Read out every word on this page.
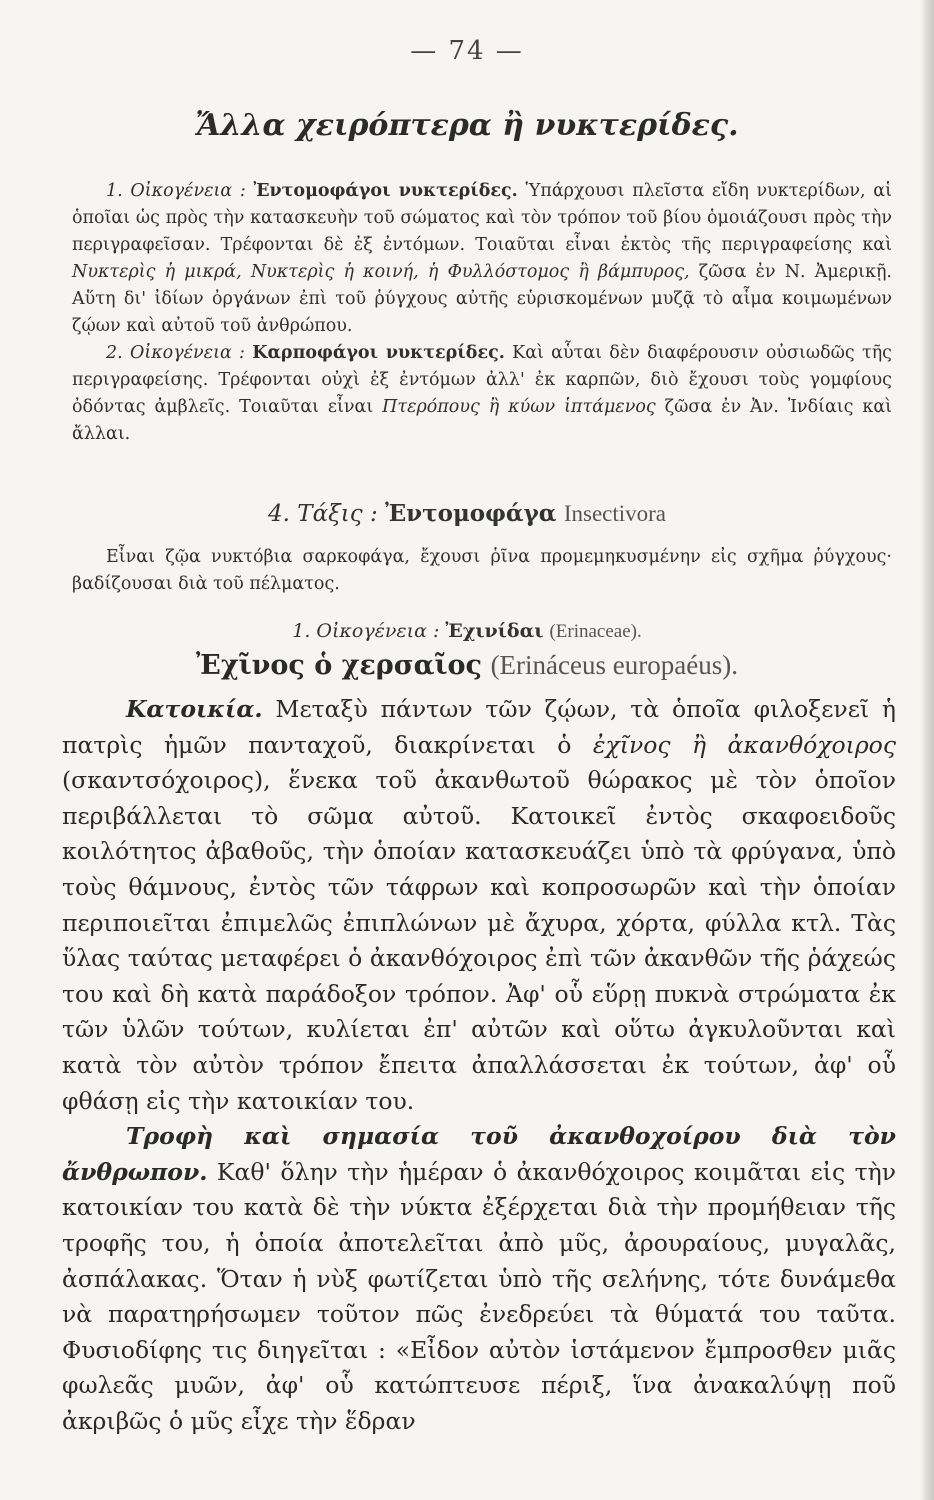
— 74 —
Ἄλλα χειρόπτερα ἢ νυκτερίδες.

1. Οἰκογένεια : Ἐντομοφάγοι νυκτερίδες. Ὑπάρχουσι πλεῖστα εἴδη νυκτερίδων, αἱ ὁποῖαι ὡς πρὸς τὴν κατασκευὴν τοῦ σώματος καὶ τὸν τρόπον τοῦ βίου ὁμοιάζουσι πρὸς τὴν περιγραφεῖσαν. Τρέφονται δὲ ἐξ ἐντόμων. Τοιαῦται εἶναι ἐκτὸς τῆς περιγραφείσης καὶ Νυκτερὶς ἡ μικρά, Νυκτερὶς ἡ κοινή, ἡ Φυλλόστομος ἢ βάμπυρος, ζῶσα ἐν Ν. Ἀμερικῇ. Αὕτη δι' ἰδίων ὀργάνων ἐπὶ τοῦ ῥύγχους αὐτῆς εὑρισκομένων μυζᾷ τὸ αἷμα κοιμωμένων ζῴων καὶ αὐτοῦ τοῦ ἀνθρώπου.

2. Οἰκογένεια : Καρποφάγοι νυκτερίδες. Καὶ αὗται δὲν διαφέρουσιν οὐσιωδῶς τῆς περιγραφείσης. Τρέφονται οὐχὶ ἐξ ἐντόμων ἀλλ' ἐκ καρπῶν, διὸ ἔχουσι τοὺς γομφίους ὀδόντας ἀμβλεῖς. Τοιαῦται εἶναι Πτερόπους ἢ κύων ἱπτάμενος ζῶσα ἐν Ἀν. Ἰνδίαις καὶ ἄλλαι.

4. Τάξις : Ἐντομοφάγα Insectivora

Εἶναι ζῷα νυκτόβια σαρκοφάγα, ἔχουσι ῥῖνα προμεμηκυσμένην εἰς σχῆμα ῥύγχους· βαδίζουσαι διὰ τοῦ πέλματος.

1. Οἰκογένεια : Ἐχινίδαι (Erinaceae).
Ἐχῖνος ὁ χερσαῖος (Erináceus europaéus).

Κατοικία. Μεταξὺ πάντων τῶν ζῴων, τὰ ὁποῖα φιλοξενεῖ ἡ πατρὶς ἡμῶν πανταχοῦ, διακρίνεται ὁ ἐχῖνος ἢ ἀκανθόχοιρος (σκαντσόχοιρος), ἕνεκα τοῦ ἀκανθωτοῦ θώρακος μὲ τὸν ὁποῖον περιβάλλεται τὸ σῶμα αὐτοῦ. Κατοικεῖ ἐντὸς σκαφοειδοῦς κοιλότητος ἀβαθοῦς, τὴν ὁποίαν κατασκευάζει ὑπὸ τὰ φρύγανα, ὑπὸ τοὺς θάμνους, ἐντὸς τῶν τάφρων καὶ κοπροσωρῶν καὶ τὴν ὁποίαν περιποιεῖται ἐπιμελῶς ἐπιπλώνων μὲ ἄχυρα, χόρτα, φύλλα κτλ. Τὰς ὕλας ταύτας μεταφέρει ὁ ἀκανθόχοιρος ἐπὶ τῶν ἀκανθῶν τῆς ῥάχεώς του καὶ δὴ κατὰ παράδοξον τρόπον. Ἀφ' οὗ εὕρῃ πυκνὰ στρώματα ἐκ τῶν ὑλῶν τούτων, κυλίεται ἐπ' αὐτῶν καὶ οὕτω ἀγκυλοῦνται καὶ κατὰ τὸν αὐτὸν τρόπον ἔπειτα ἀπαλλάσσεται ἐκ τούτων, ἀφ' οὗ φθάσῃ εἰς τὴν κατοικίαν του.

Τροφὴ καὶ σημασία τοῦ ἀκανθοχοίρου διὰ τὸν ἄνθρωπον. Καθ' ὅλην τὴν ἡμέραν ὁ ἀκανθόχοιρος κοιμᾶται εἰς τὴν κατοικίαν του κατὰ δὲ τὴν νύκτα ἐξέρχεται διὰ τὴν προμήθειαν τῆς τροφῆς του, ἡ ὁποία ἀποτελεῖται ἀπὸ μῦς, ἀρουραίους, μυγαλᾶς, ἀσπάλακας. Ὅταν ἡ νὺξ φωτίζεται ὑπὸ τῆς σελήνης, τότε δυνάμεθα νὰ παρατηρήσωμεν τοῦτον πῶς ἐνεδρεύει τὰ θύματά του ταῦτα. Φυσιοδίφης τις διηγεῖται : «Εἶδον αὐτὸν ἱστάμενον ἔμπροσθεν μιᾶς φωλεᾶς μυῶν, ἀφ' οὗ κατώπτευσε πέριξ, ἵνα ἀνακαλύψῃ ποῦ ἀκριβῶς ὁ μῦς εἶχε τὴν ἕδραν
